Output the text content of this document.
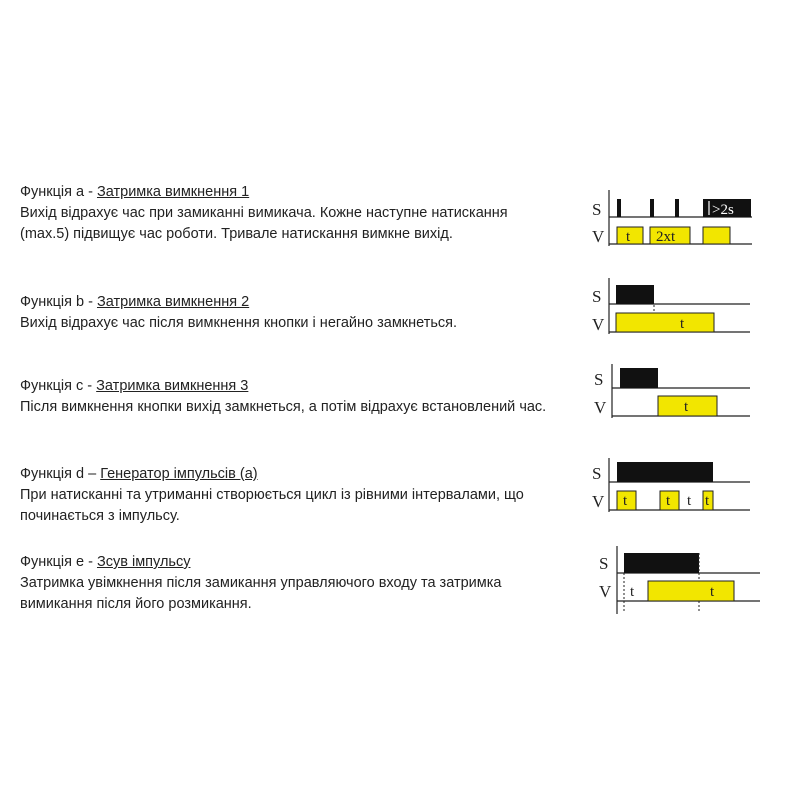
Функція a - Затримка вимкнення 1
Вихід відрахує час при замиканні вимикача. Кожне наступне натискання
(max.5) підвищує час роботи. Тривале натискання вимкне вихід.
Функція b - Затримка вимкнення 2
Вихід відрахує час після вимкнення кнопки і негайно замкнеться.
Функція c - Затримка вимкнення 3
Після вимкнення кнопки вихід замкнеться, а потім відрахує встановлений час.
Функція d – Генератор імпульсів (a)
При натисканні та утриманні створюється цикл із рівними інтервалами, що
починається з імпульсу.
Функція e - Зсув імпульсу
Затримка увімкнення після замикання управляючого входу та затримка
вимикання після його розмикання.
S
V
>2s
t 2xt
S
V	t
S
V	t
S
V t	t t t
S
V t	t
